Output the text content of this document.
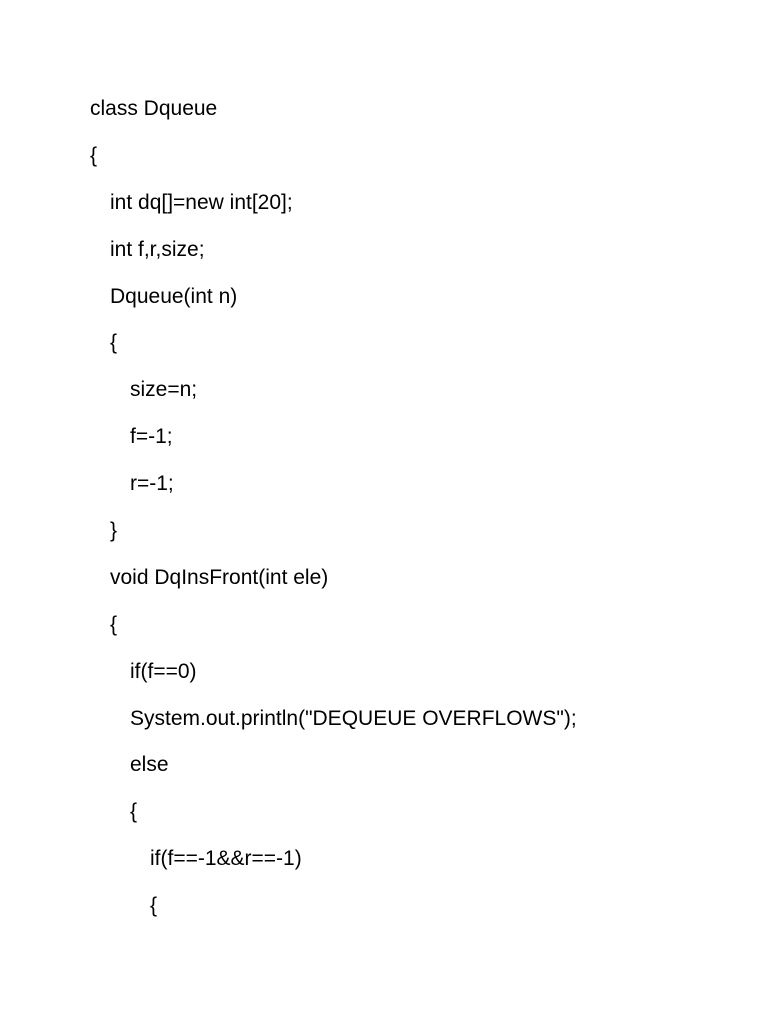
class Dqueue
{
int dq[]=new int[20];
int f,r,size;
Dqueue(int n)
{
size=n;
f=-1;
r=-1;
}
void DqInsFront(int ele)
{
if(f==0)
System.out.println("DEQUEUE OVERFLOWS");
else
{
if(f==-1&&r==-1)
{
